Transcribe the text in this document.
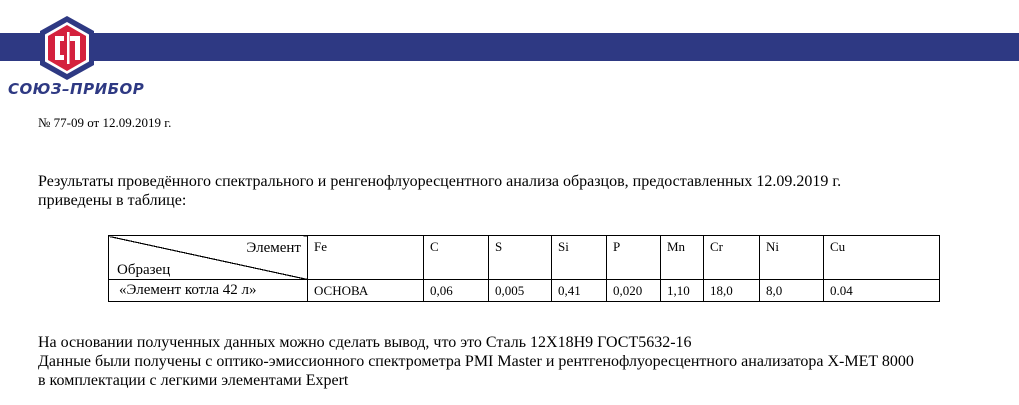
СОЮЗ–ПРИБОР
№ 77-09 от 12.09.2019 г.

Результаты проведённого спектрального и ренгенофлуоресцентного анализа образцов, предоставленных 12.09.2019 г.

приведены в таблице:

Элемент
Образец	Fe	C	S	Si	P	Mn	Cr	Ni	Cu
«Элемент котла 42 л»	ОСНОВА	0,06	0,005	0,41	0,020	1,10	18,0	8,0	0.04

На основании полученных данных можно сделать вывод, что это Сталь 12Х18Н9 ГОСТ5632-16

Данные были получены с оптико-эмиссионного спектрометра PMI Master и рентгенофлуоресцентного анализатора X-MET 8000

в комплектации с легкими элементами Expert
